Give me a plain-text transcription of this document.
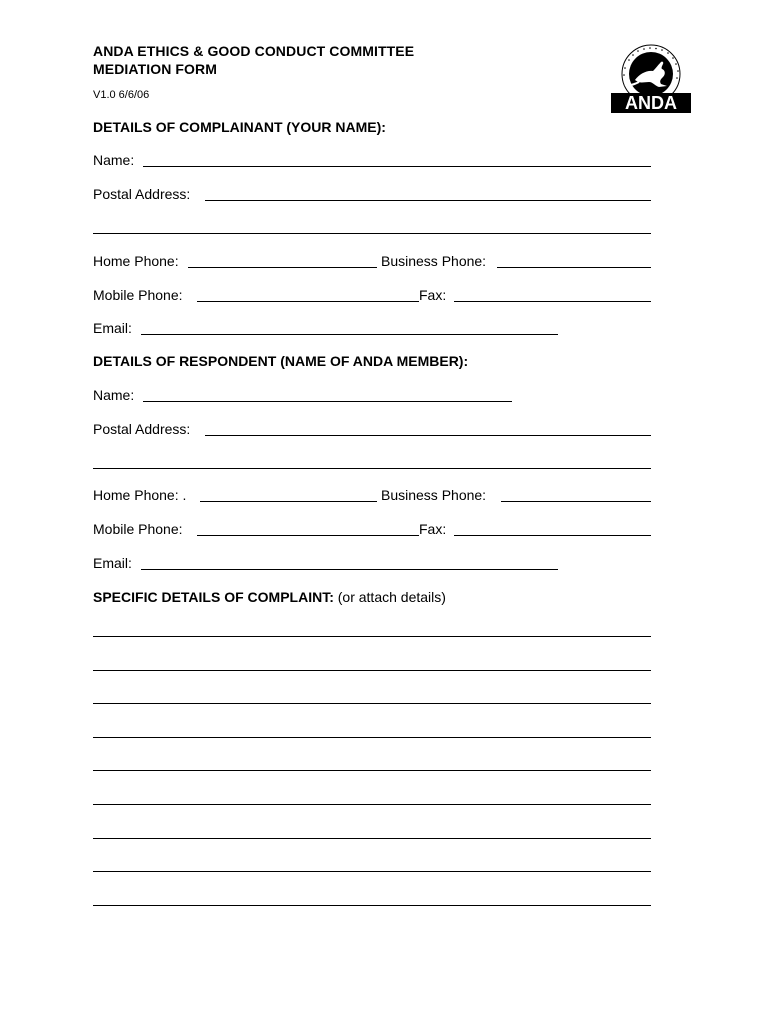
ANDA ETHICS & GOOD CONDUCT COMMITTEE
MEDIATION FORM
V1.0 6/6/06	ANDA
DETAILS OF COMPLAINANT (YOUR NAME):
Name:
Postal Address:
Home Phone:	Business Phone:
Mobile Phone:	Fax:
Email:
DETAILS OF RESPONDENT (NAME OF ANDA MEMBER):
Name:
Postal Address:
Home Phone: .	Business Phone:
Mobile Phone:	Fax:
Email:
SPECIFIC DETAILS OF COMPLAINT: (or attach details)
